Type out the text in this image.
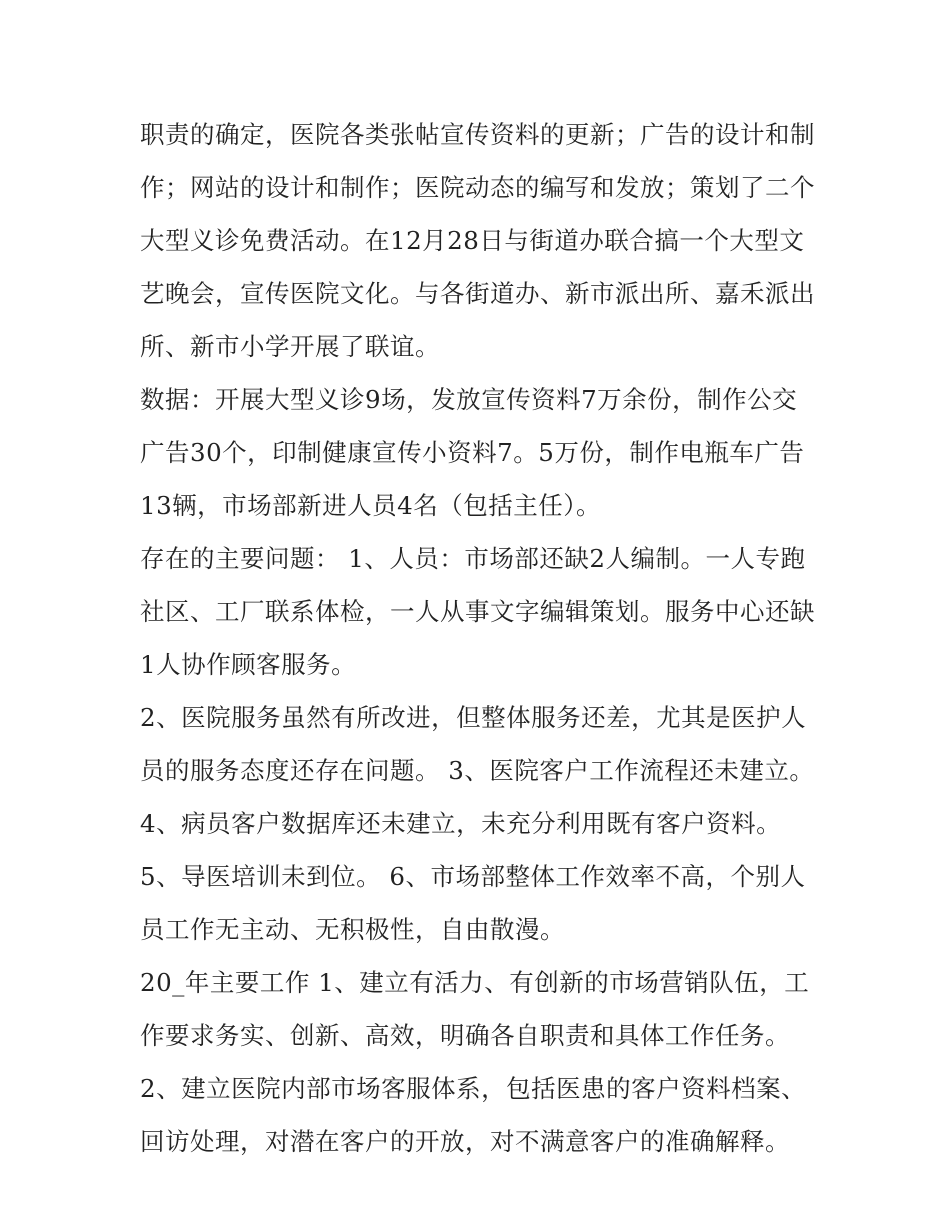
职责的确定，医院各类张帖宣传资料的更新；广告的设计和制
作；网站的设计和制作；医院动态的编写和发放；策划了二个
大型义诊免费活动。在12月28日与街道办联合搞一个大型文
艺晚会，宣传医院文化。与各街道办、新市派出所、嘉禾派出
所、新市小学开展了联谊。
数据：开展大型义诊9场，发放宣传资料7万余份，制作公交
广告30个，印制健康宣传小资料7。5万份，制作电瓶车广告
13辆，市场部新进人员4名（包括主任）。
存在的主要问题： 1、人员：市场部还缺2人编制。一人专跑
社区、工厂联系体检，一人从事文字编辑策划。服务中心还缺
1人协作顾客服务。
2、医院服务虽然有所改进，但整体服务还差，尤其是医护人
员的服务态度还存在问题。 3、医院客户工作流程还未建立。
4、病员客户数据库还未建立，未充分利用既有客户资料。
5、导医培训未到位。 6、市场部整体工作效率不高，个别人
员工作无主动、无积极性，自由散漫。
20_年主要工作 1、建立有活力、有创新的市场营销队伍，工
作要求务实、创新、高效，明确各自职责和具体工作任务。
2、建立医院内部市场客服体系，包括医患的客户资料档案、
回访处理，对潜在客户的开放，对不满意客户的准确解释。
